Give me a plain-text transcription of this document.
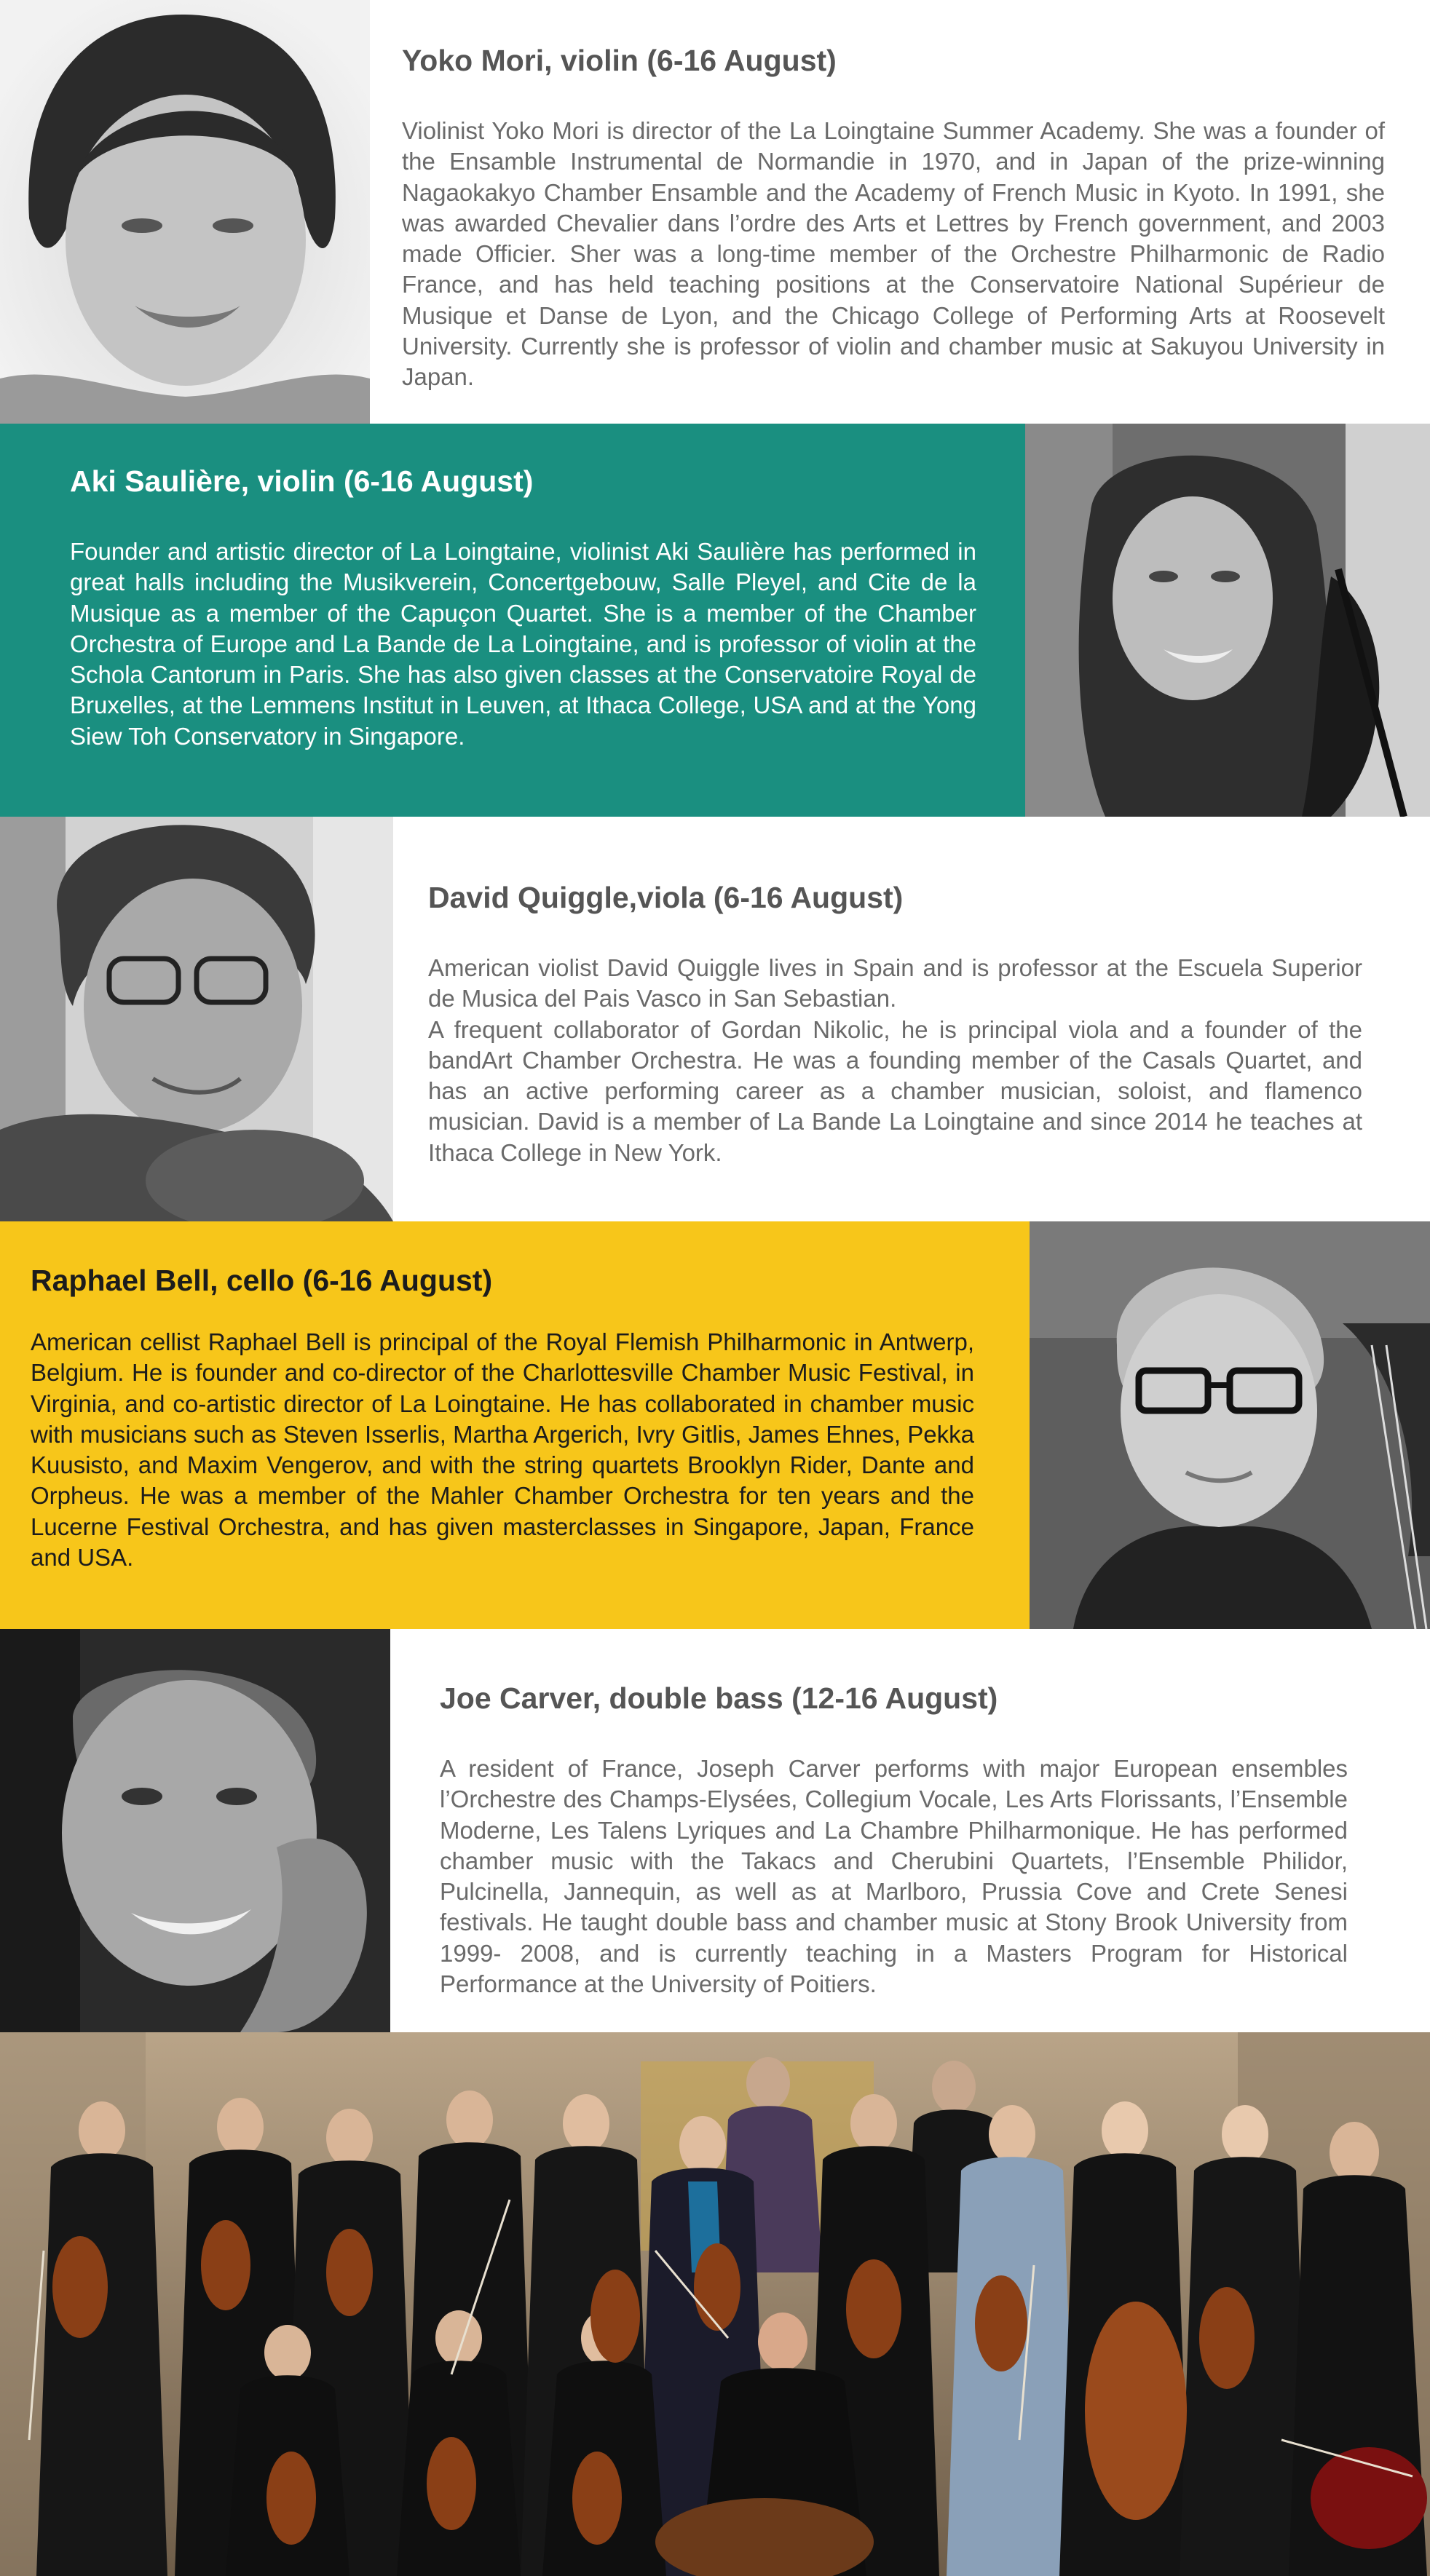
Yoko Mori, violin (6-16 August)

Violinist Yoko Mori is director of the La Loingtaine Summer Academy. She was a founder of the Ensamble Instrumental de Normandie in 1970, and in Japan of the prize-winning Nagaokakyo Chamber Ensamble and the Academy of French Music in Kyoto. In 1991, she was awarded Chevalier dans l’ordre des Arts et Lettres by French government, and 2003 made Officier. Sher was a long-time member of the Orchestre Philharmonic de Radio France, and has held teaching positions at the Conservatoire National Supérieur de Musique et Danse de Lyon, and the Chicago College of Performing Arts at Roosevelt University. Currently she is professor of violin and chamber music at Sakuyou University in Japan.

Aki Saulière, violin (6-16 August)

Founder and artistic director of La Loingtaine, violinist Aki Saulière has performed in great halls including the Musikverein, Concertgebouw, Salle Pleyel, and Cite de la Musique as a member of the Capuçon Quartet. She is a member of the Chamber Orchestra of Europe and La Bande de La Loingtaine, and is professor of violin at the Schola Cantorum in Paris. She has also given classes at the Conservatoire Royal de Bruxelles, at the Lemmens Institut in Leuven, at Ithaca College, USA and at the Yong Siew Toh Conservatory in Singapore.

David Quiggle,viola (6-16 August)

American violist David Quiggle lives in Spain and is professor at the Escuela Superior de Musica del Pais Vasco in San Sebastian.

A frequent collaborator of Gordan Nikolic, he is principal viola and a founder of the bandArt Chamber Orchestra. He was a founding member of the Casals Quartet, and has an active performing career as a chamber musician, soloist, and flamenco musician. David is a member of La Bande La Loingtaine and since 2014 he teaches at Ithaca College in New York.

Raphael Bell, cello (6-16 August)

American cellist Raphael Bell is principal of the Royal Flemish Philharmonic in Antwerp, Belgium. He is founder and co-director of the Charlottesville Chamber Music Festival, in Virginia, and co-artistic director of La Loingtaine. He has collaborated in chamber music with musicians such as Steven Isserlis, Martha Argerich, Ivry Gitlis, James Ehnes, Pekka Kuusisto, and Maxim Vengerov, and with the string quartets Brooklyn Rider, Dante and Orpheus. He was a member of the Mahler Chamber Orchestra for ten years and the Lucerne Festival Orchestra, and has given masterclasses in Singapore, Japan, France and USA.

Joe Carver, double bass (12-16 August)

A resident of France, Joseph Carver performs with major European ensembles l’Orchestre des Champs-Elysées, Collegium Vocale, Les Arts Florissants, l’Ensemble Moderne, Les Talens Lyriques and La Chambre Philharmonique. He has performed chamber music with the Takacs and Cherubini Quartets, l’Ensemble Philidor, Pulcinella, Jannequin, as well as at Marlboro, Prussia Cove and Crete Senesi festivals. He taught double bass and chamber music at Stony Brook University from 1999- 2008, and is currently teaching in a Masters Program for Historical Performance at the University of Poitiers.
